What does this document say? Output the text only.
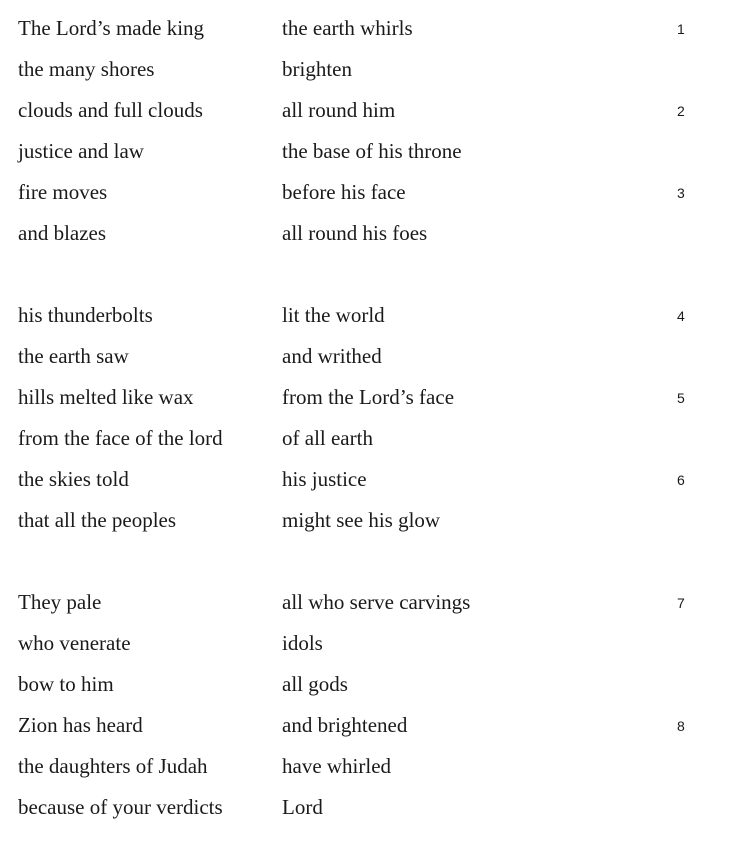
The Lord’s made king	the earth whirls	1
the many shores	brighten
clouds and full clouds	all round him	2
justice and law	the base of his throne
fire moves	before his face	3
and blazes	all round his foes
his thunderbolts	lit the world	4
the earth saw	and writhed
hills melted like wax	from the Lord’s face	5
from the face of the lord	of all earth
the skies told	his justice	6
that all the peoples	might see his glow
They pale	all who serve carvings	7
who venerate	idols
bow to him	all gods
Zion has heard	and brightened	8
the daughters of Judah	have whirled
because of your verdicts	Lord
